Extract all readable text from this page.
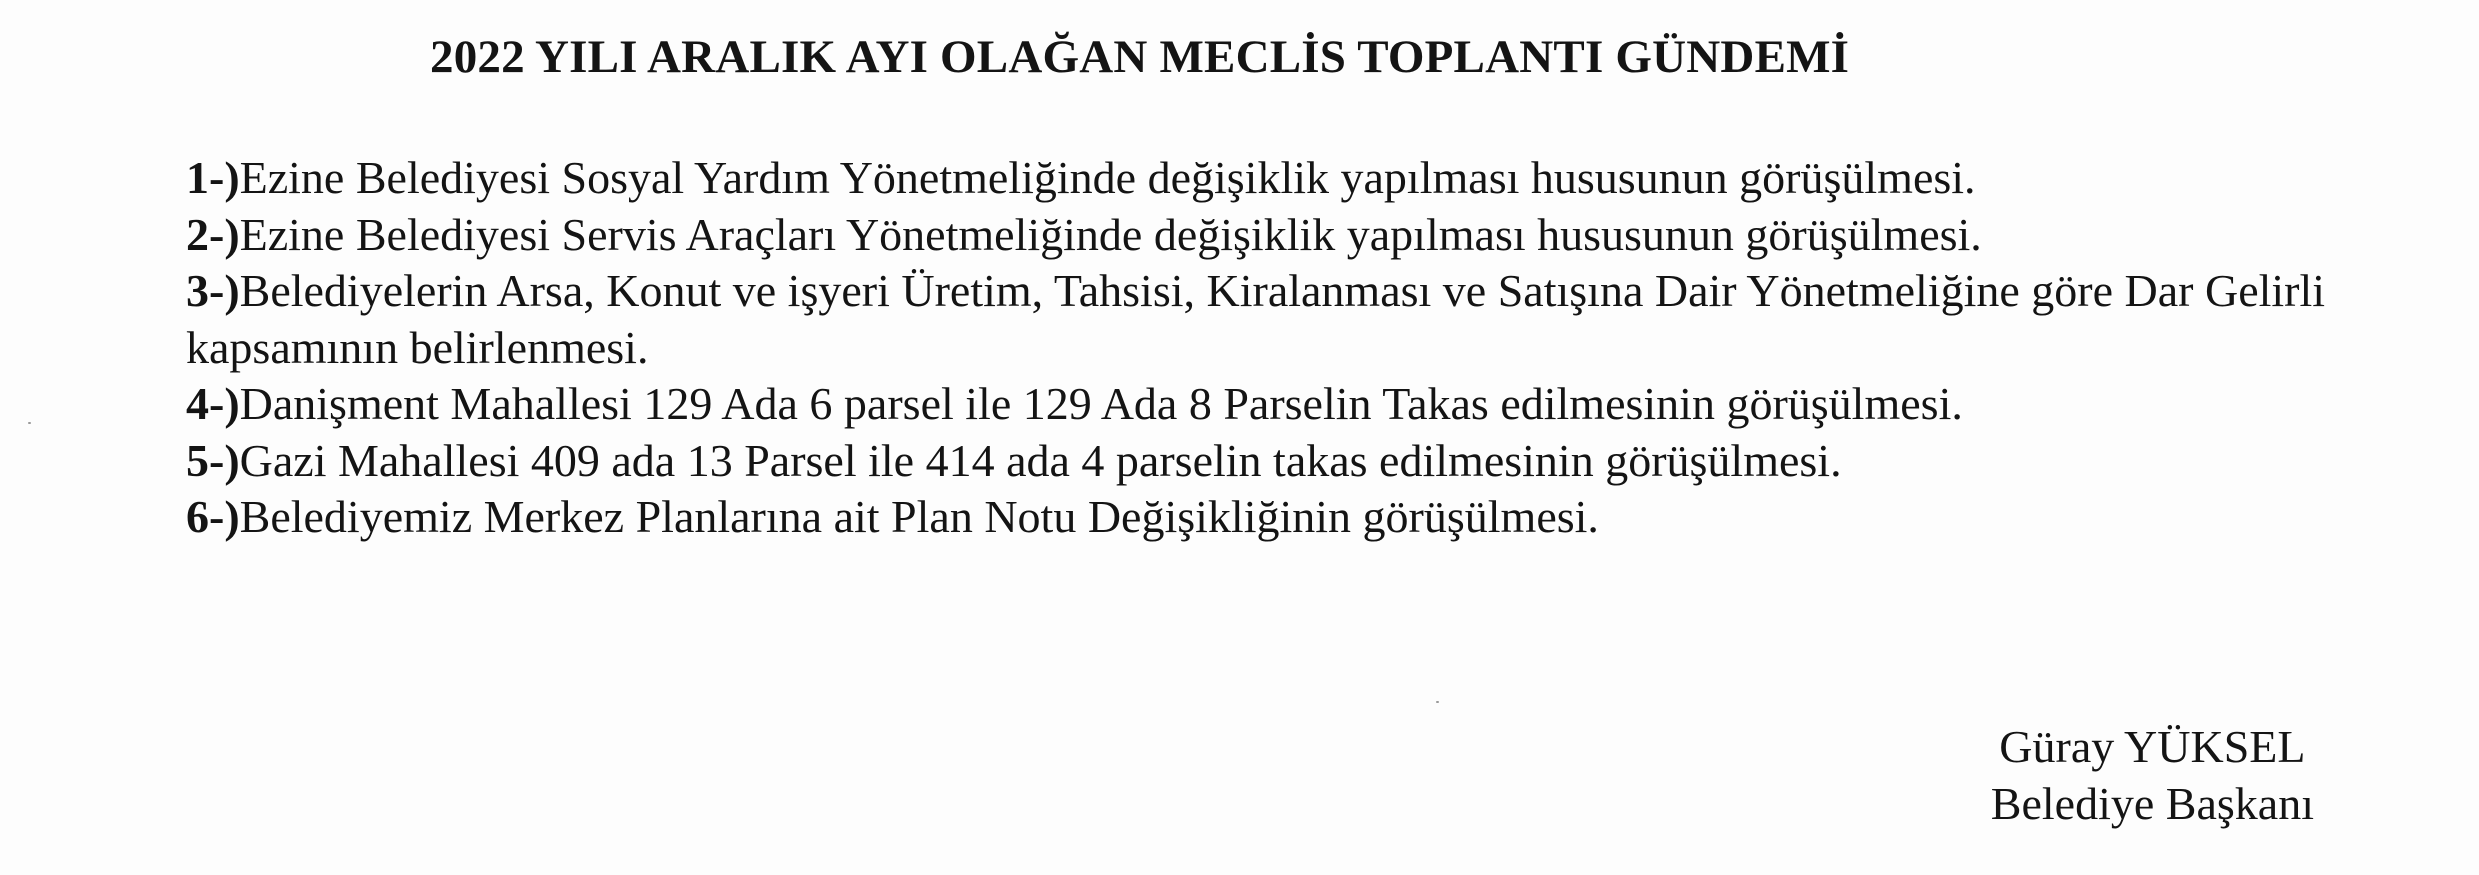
2022 YILI ARALIK AYI OLAĞAN MECLİS TOPLANTI GÜNDEMİ

1-)Ezine Belediyesi Sosyal Yardım Yönetmeliğinde değişiklik yapılması hususunun görüşülmesi.

2-)Ezine Belediyesi Servis Araçları Yönetmeliğinde değişiklik yapılması hususunun görüşülmesi.

3-)Belediyelerin Arsa, Konut ve işyeri Üretim, Tahsisi, Kiralanması ve Satışına Dair Yönetmeliğine göre Dar Gelirli kapsamının belirlenmesi.

4-)Danişment Mahallesi 129 Ada 6 parsel ile 129 Ada 8 Parselin Takas edilmesinin görüşülmesi.

5-)Gazi Mahallesi 409 ada 13 Parsel ile 414 ada 4 parselin takas edilmesinin görüşülmesi.

6-)Belediyemiz Merkez Planlarına ait Plan Notu Değişikliğinin görüşülmesi.

Güray YÜKSEL
Belediye Başkanı
